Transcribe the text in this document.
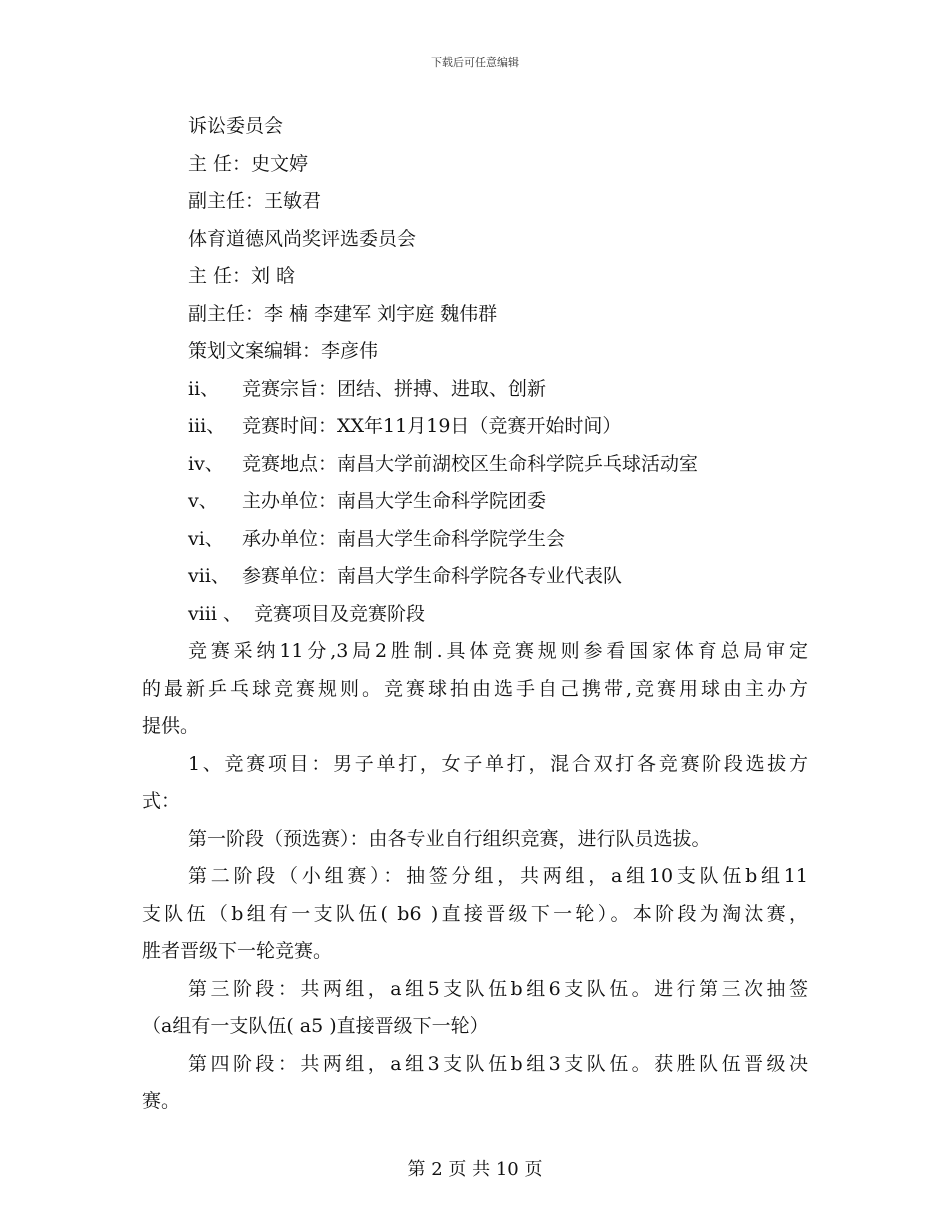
下载后可任意编辑
诉讼委员会
主 任：史文婷
副主任：王敏君
体育道德风尚奖评选委员会
主 任：刘 晗
副主任：李 楠 李建军 刘宇庭 魏伟群
策划文案编辑：李彦伟
ⅱ、	竞赛宗旨：团结、拼搏、进取、创新
ⅲ、 竞赛时间：XX年11月19日（竞赛开始时间）
ⅳ、 竞赛地点：南昌大学前湖校区生命科学院乒乓球活动室
ⅴ、	主办单位：南昌大学生命科学院团委
ⅵ、 承办单位：南昌大学生命科学院学生会
ⅶ、 参赛单位：南昌大学生命科学院各专业代表队
ⅷ 、 竞赛项目及竞赛阶段
竞赛采纳11分,3局2胜制.具体竞赛规则参看国家体育总局审定
的最新乒乓球竞赛规则。竞赛球拍由选手自己携带,竞赛用球由主办方
提供。
1、竞赛项目：男子单打，女子单打，混合双打各竞赛阶段选拔方
式：
第一阶段（预选赛）：由各专业自行组织竞赛，进行队员选拔。
第二阶段（小组赛）：抽签分组，共两组，a组10支队伍b组11
支队伍（b组有一支队伍( b6 )直接晋级下一轮）。本阶段为淘汰赛，
胜者晋级下一轮竞赛。
第三阶段：共两组，a组5支队伍b组6支队伍。进行第三次抽签
（a组有一支队伍( a5 )直接晋级下一轮）
第四阶段：共两组，a组3支队伍b组3支队伍。获胜队伍晋级决
赛。
第 2 页 共 10 页
